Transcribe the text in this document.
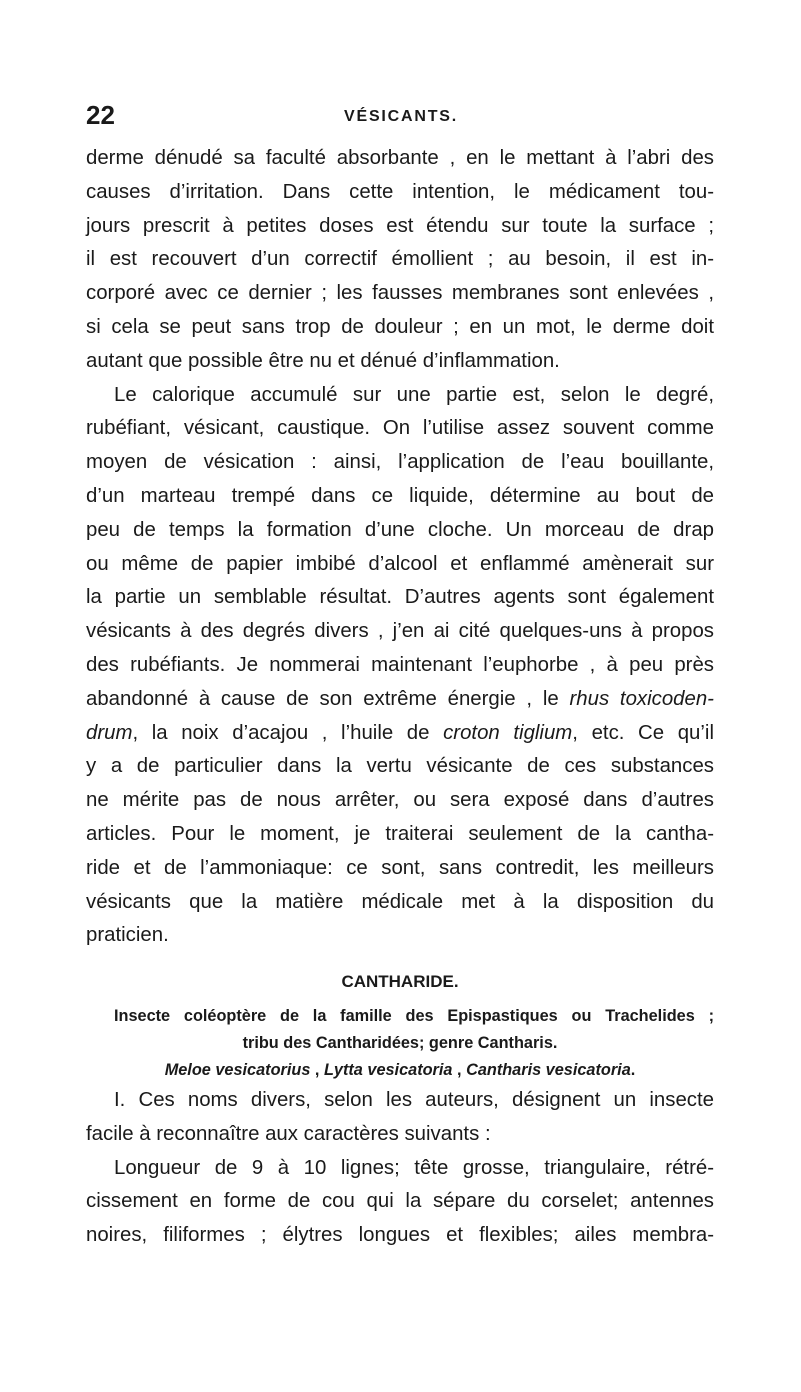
22	VÉSICANTS.
derme dénudé sa faculté absorbante , en le mettant à l’abri des
causes d’irritation. Dans cette intention, le médicament tou-
jours prescrit à petites doses est étendu sur toute la surface ;
il est recouvert d’un correctif émollient ; au besoin, il est in-
corporé avec ce dernier ; les fausses membranes sont enlevées ,
si cela se peut sans trop de douleur ; en un mot, le derme doit
autant que possible être nu et dénué d’inflammation.
Le calorique accumulé sur une partie est, selon le degré,
rubéfiant, vésicant, caustique. On l’utilise assez souvent comme
moyen de vésication : ainsi, l’application de l’eau bouillante,
d’un marteau trempé dans ce liquide, détermine au bout de
peu de temps la formation d’une cloche. Un morceau de drap
ou même de papier imbibé d’alcool et enflammé amènerait sur
la partie un semblable résultat. D’autres agents sont également
vésicants à des degrés divers , j’en ai cité quelques-uns à propos
des rubéfiants. Je nommerai maintenant l’euphorbe , à peu près
abandonné à cause de son extrême énergie , le rhus toxicoden-
drum, la noix d’acajou , l’huile de croton tiglium, etc. Ce qu’il
y a de particulier dans la vertu vésicante de ces substances
ne mérite pas de nous arrêter, ou sera exposé dans d’autres
articles. Pour le moment, je traiterai seulement de la cantha-
ride et de l’ammoniaque: ce sont, sans contredit, les meilleurs
vésicants que la matière médicale met à la disposition du
praticien.
CANTHARIDE.
Insecte coléoptère de la famille des Epispastiques ou Trachelides ;
tribu des Cantharidées; genre Cantharis.
Meloe vesicatorius , Lytta vesicatoria , Cantharis vesicatoria.
I. Ces noms divers, selon les auteurs, désignent un insecte
facile à reconnaître aux caractères suivants :
Longueur de 9 à 10 lignes; tête grosse, triangulaire, rétré-
cissement en forme de cou qui la sépare du corselet; antennes
noires, filiformes ; élytres longues et flexibles; ailes membra-
